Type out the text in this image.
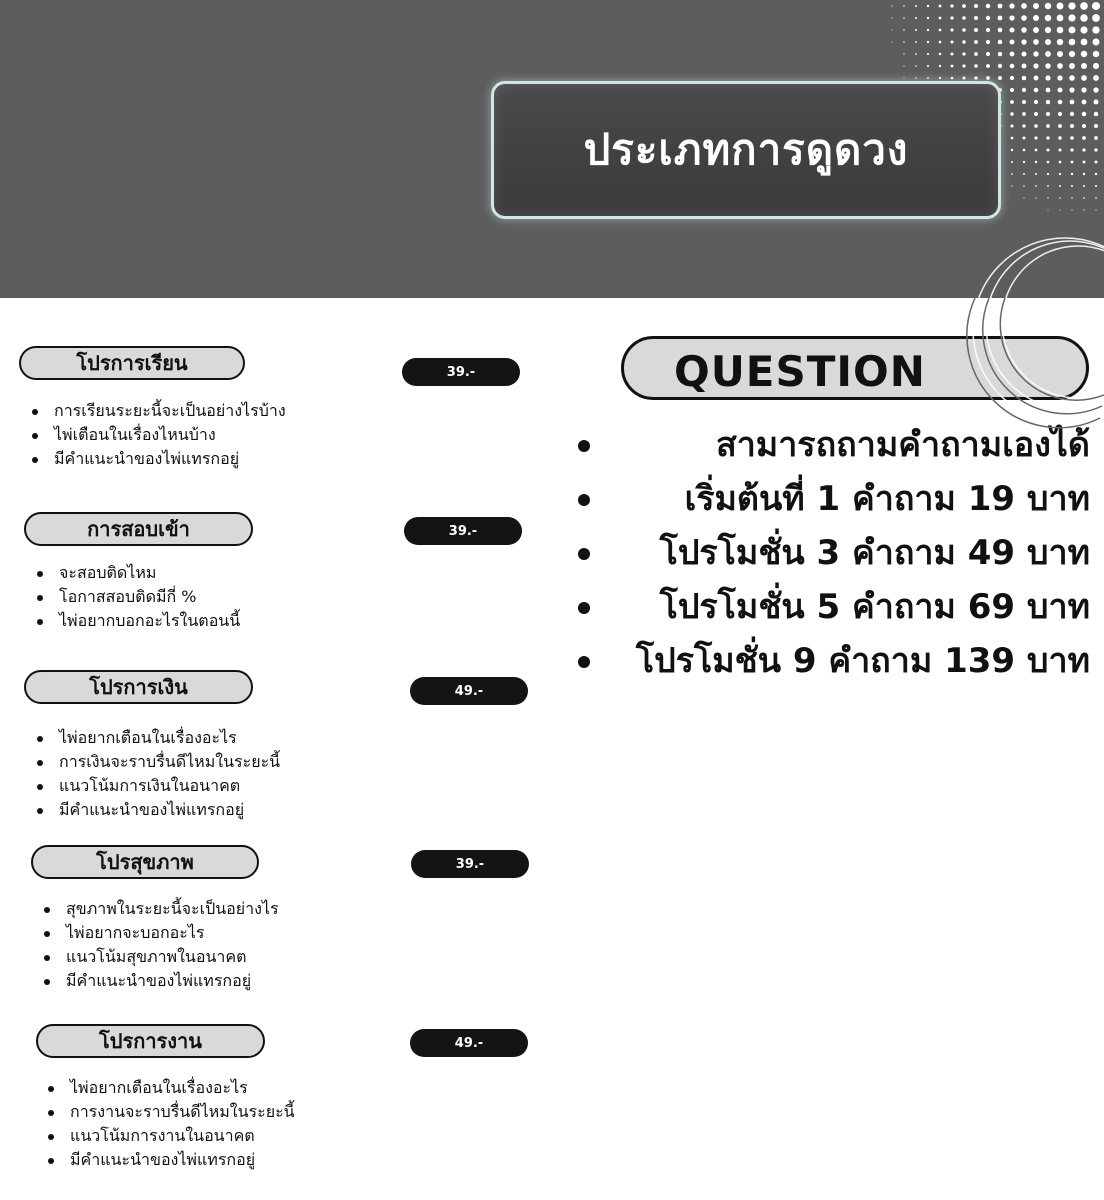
ประเภทการดูดวง
โปรการเรียน	39.-
การเรียนระยะนี้จะเป็นอย่างไรบ้าง
ไพ่เตือนในเรื่องไหนบ้าง
มีคำแนะนำของไพ่แทรกอยู่
การสอบเข้า	39.-
จะสอบติดไหม
โอกาสสอบติดมีกี่ %
ไพ่อยากบอกอะไรในตอนนี้
โปรการเงิน	49.-
ไพ่อยากเตือนในเรื่องอะไร
การเงินจะราบรื่นดีไหมในระยะนี้
แนวโน้มการเงินในอนาคต
มีคำแนะนำของไพ่แทรกอยู่
โปรสุขภาพ	39.-
สุขภาพในระยะนี้จะเป็นอย่างไร
ไพ่อยากจะบอกอะไร
แนวโน้มสุขภาพในอนาคต
มีคำแนะนำของไพ่แทรกอยู่
โปรการงาน	49.-
ไพ่อยากเตือนในเรื่องอะไร
การงานจะราบรื่นดีไหมในระยะนี้
แนวโน้มการงานในอนาคต
มีคำแนะนำของไพ่แทรกอยู่
QUESTION
สามารถถามคำถามเองได้
เริ่มต้นที่ 1 คำถาม 19 บาท
โปรโมชั่น 3 คำถาม 49 บาท
โปรโมชั่น 5 คำถาม 69 บาท
โปรโมชั่น 9 คำถาม 139 บาท
